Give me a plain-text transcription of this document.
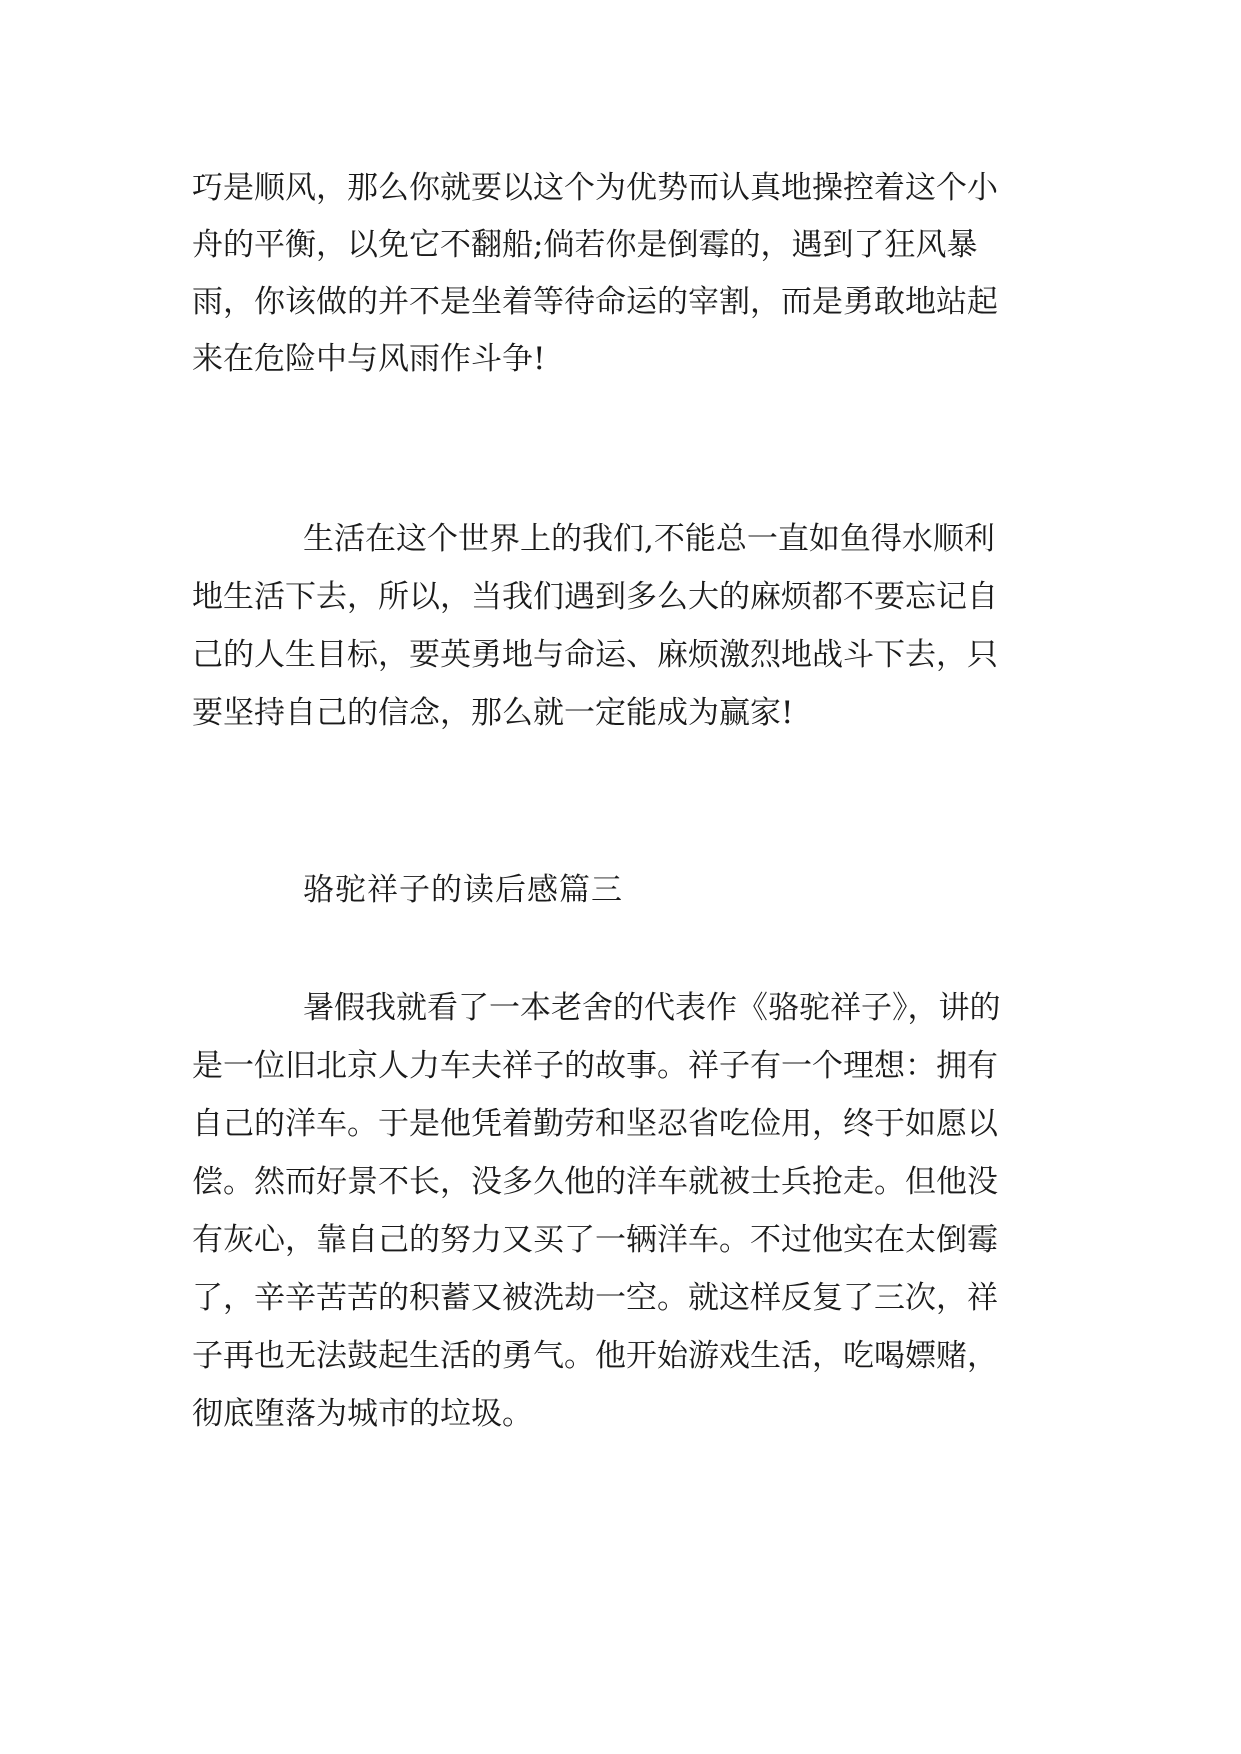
巧是顺风，那么你就要以这个为优势而认真地操控着这个小
舟的平衡，以免它不翻船;倘若你是倒霉的，遇到了狂风暴
雨，你该做的并不是坐着等待命运的宰割，而是勇敢地站起
来在危险中与风雨作斗争!
生活在这个世界上的我们,不能总一直如鱼得水顺利
地生活下去，所以，当我们遇到多么大的麻烦都不要忘记自
己的人生目标，要英勇地与命运、麻烦激烈地战斗下去，只
要坚持自己的信念，那么就一定能成为赢家!
骆驼祥子的读后感篇三
暑假我就看了一本老舍的代表作《骆驼祥子》，讲的
是一位旧北京人力车夫祥子的故事。祥子有一个理想：拥有
自己的洋车。于是他凭着勤劳和坚忍省吃俭用，终于如愿以
偿。然而好景不长，没多久他的洋车就被士兵抢走。但他没
有灰心，靠自己的努力又买了一辆洋车。不过他实在太倒霉
了，辛辛苦苦的积蓄又被洗劫一空。就这样反复了三次，祥
子再也无法鼓起生活的勇气。他开始游戏生活，吃喝嫖赌，
彻底堕落为城市的垃圾。
